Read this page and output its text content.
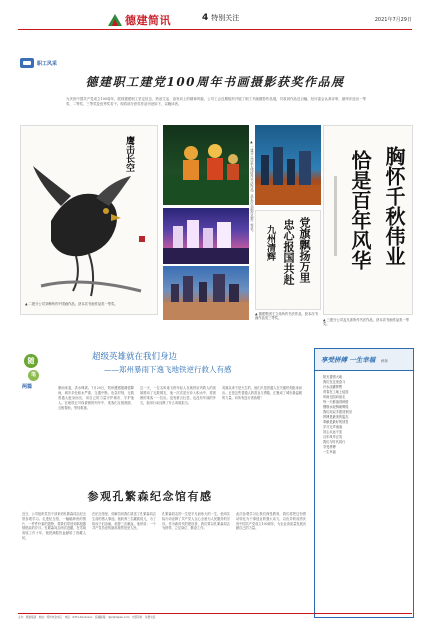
德建简讯	4 特别关注	2021年7月29日
职工风采
德建职工建党100周年书画摄影获奖作品展
为庆祝中国共产党成立100周年，展现德建职工坚定信念、热爱生活、奋发向上的精神风貌，公司工会近期组织开展了职工书画摄影作品展，共收到作品近百幅，经评委会认真评审，最终评选出一等奖、二等奖、三等奖及优秀奖若干。现将部分获奖作品刊登如下，以飨读者。
鹰击长空
▲ 二建分公司刘梅所作中国画作品，获本次书画作品类一等奖。
▲ 一建分公司张大伟所作书法作品，获本次书画作品类二等奖。
党旗飘扬万里
忠心报国共赴
九州清辉
▲ 德建集团王立伟所作书法作品，获本次书画作品类三等奖。
胸怀千秋伟业
恰是百年风华
▲ 三建分公司孟凡喜所作书法作品，获本次书画作品类一等奖。
随
笔
两篇
超级英雄就在我们身边
——郑州暴雨下逸飞地铁逆行救人有感
暴雨来袭，洪水肆虐。7月20日，郑州遭遇极端强降雨，城市多处积水严重，交通中断。危急时刻，无数普通人挺身而出，用自己的力量守护城市、守护他人。在地铁五号线被困的列车中，乘客们互相鼓励、互相帮助，等待救援。
这一天，一位名叫逸飞的年轻人在地铁站内救人的视频感动了无数网友，他一次次逆行冲入积水中，将被困的乘客一一拉出。没有豪言壮语，也没有华丽的外衣，他用行动诠释了什么叫做担当。
英雄从来不是天生的，他们只是普通人在关键时刻挺身而出。正是这些普通人的善良与勇敢，汇聚成了城市最温暖的力量。向所有逆行者致敬！
参观孔繁森纪念馆有感
近日，公司组织党员干部来到孔繁森同志纪念馆参观学习。走进纪念馆，一幅幅珍贵的图片、一件件朴素的遗物，将我们带回到那段激情燃烧的岁月。孔繁森同志两次进藏，在雪域高原工作十年，他把满腔热血献给了西藏人民。
在纪念馆里，讲解员向我们讲述了孔繁森同志生前的感人事迹。他收养三名藏族孤儿，为了给孩子们治病，他曾三次献血。他常说：一个共产党员爱的最高境界是爱人民。
孔繁森同志的一生是平凡而伟大的一生，他用实际行动诠释了共产党人全心全意为人民服务的宗旨。作为新时代的建设者，我们要以孔繁森同志为榜样，立足岗位、勤奋工作。
此次参观学习让我们深受教育，我们将把这份感动转化为干事创业的强大动力，以优异的成绩庆祝中国共产党成立100周年，为企业高质量发展贡献自己的力量。
享受拼搏 一生幸福 孙东
阳光普照大地
我们在这里奋斗
汗水浇灌梦想
青春在工地上绽放
风雨无阻向前走
每一天都值得珍惜
钢筋水泥铸就辉煌
我们用双手建造家园
拼搏是最美的姿态
奉献是最好的回答
岁月无声流淌
初心永远不变
百年风华正茂
我们与时代同行
享受拼搏
一生幸福
主办：德建集团　地址：郑州市金水区　电话：0371-6xxxxxxx　投稿邮箱：djjx@dejian.com　内部资料　免费交流
